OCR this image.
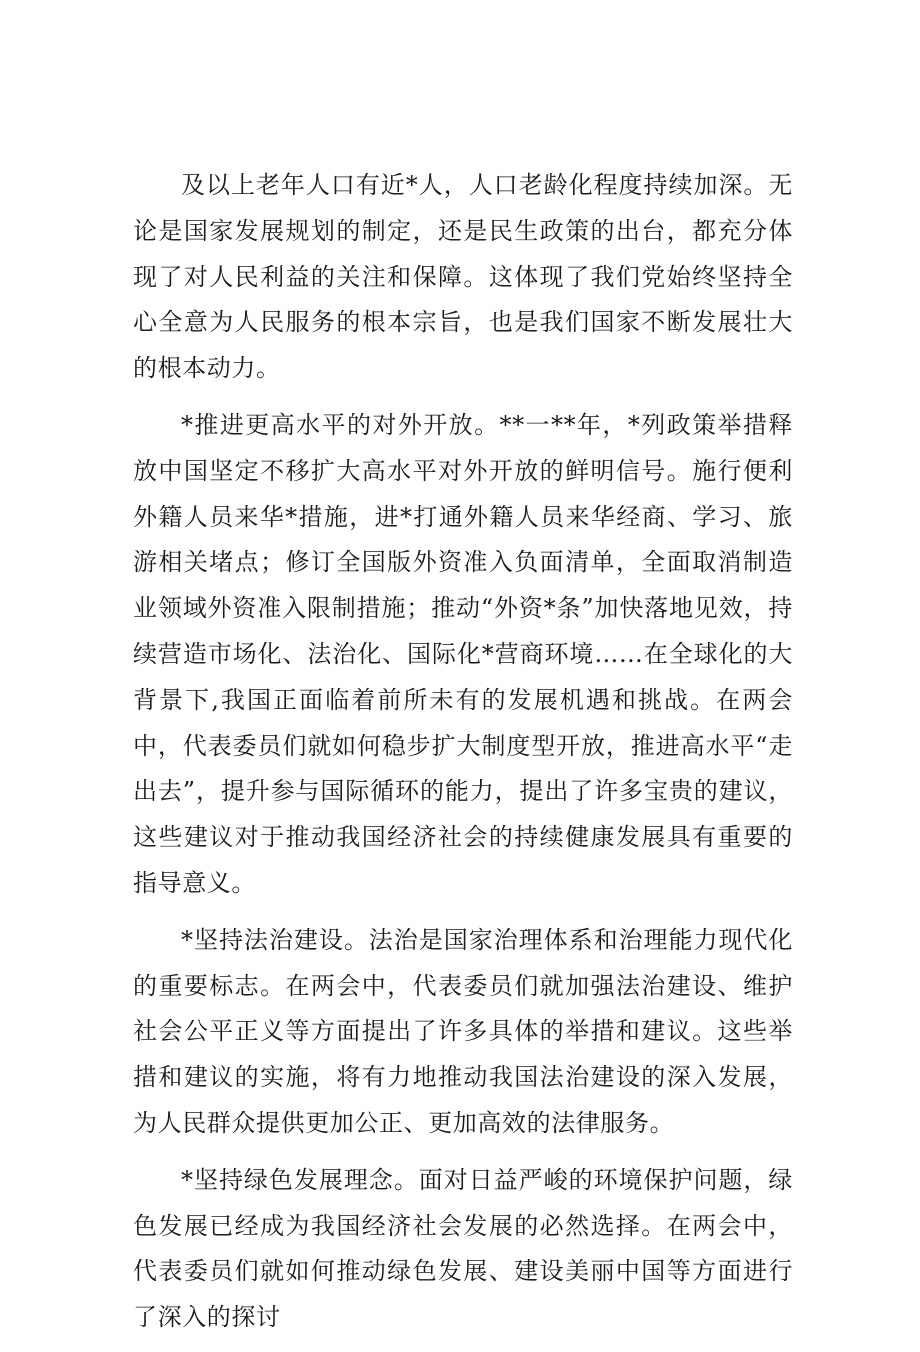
及以上老年人口有近*人，人口老龄化程度持续加深。无论是国家发展规划的制定，还是民生政策的出台，都充分体现了对人民利益的关注和保障。这体现了我们党始终坚持全心全意为人民服务的根本宗旨，也是我们国家不断发展壮大的根本动力。

*推进更高水平的对外开放。**一**年，*列政策举措释放中国坚定不移扩大高水平对外开放的鲜明信号。施行便利外籍人员来华*措施，进*打通外籍人员来华经商、学习、旅游相关堵点；修订全国版外资准入负面清单，全面取消制造业领域外资准入限制措施；推动“外资*条”加快落地见效，持续营造市场化、法治化、国际化*营商环境……在全球化的大背景下,我国正面临着前所未有的发展机遇和挑战。在两会中，代表委员们就如何稳步扩大制度型开放，推进高水平“走出去”，提升参与国际循环的能力，提出了许多宝贵的建议，这些建议对于推动我国经济社会的持续健康发展具有重要的指导意义。

*坚持法治建设。法治是国家治理体系和治理能力现代化的重要标志。在两会中，代表委员们就加强法治建设、维护社会公平正义等方面提出了许多具体的举措和建议。这些举措和建议的实施，将有力地推动我国法治建设的深入发展，为人民群众提供更加公正、更加高效的法律服务。

*坚持绿色发展理念。面对日益严峻的环境保护问题，绿色发展已经成为我国经济社会发展的必然选择。在两会中，代表委员们就如何推动绿色发展、建设美丽中国等方面进行了深入的探讨
